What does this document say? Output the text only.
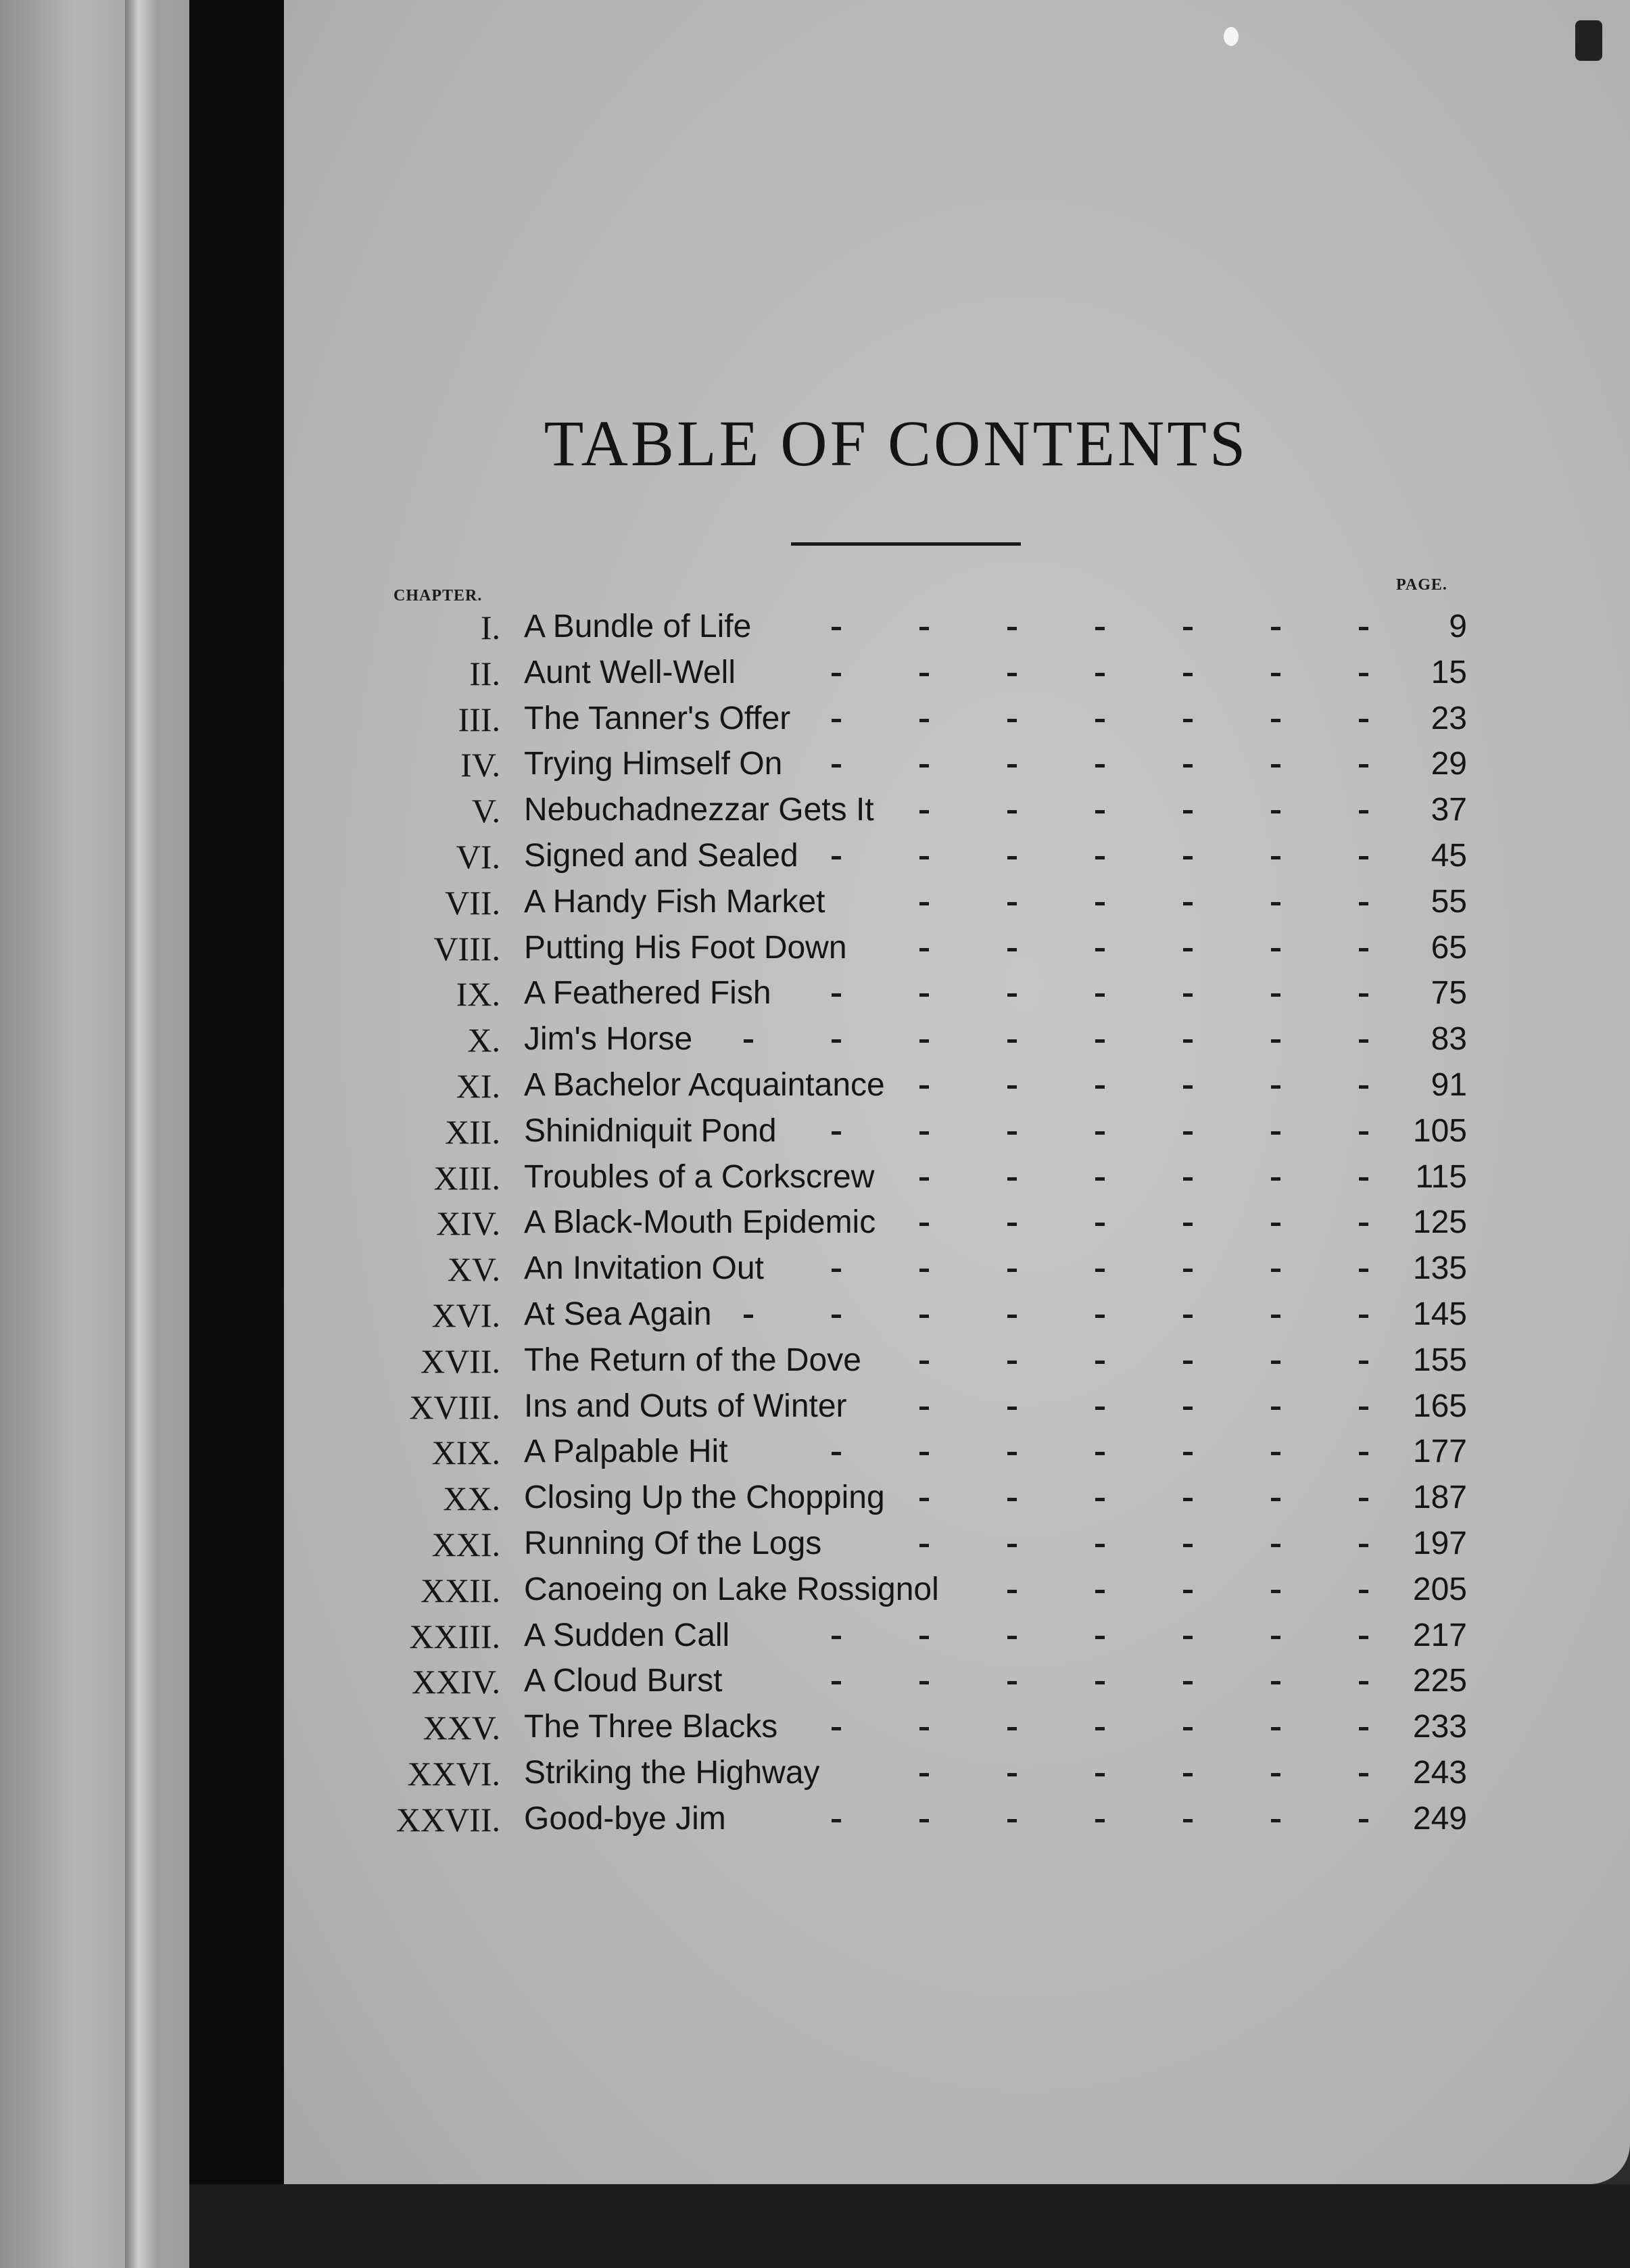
TABLE OF CONTENTS
CHAPTER.
PAGE.
I. A Bundle of Life	9
II. Aunt Well-Well	15
III. The Tanner's Offer	23
IV. Trying Himself On	29
V. Nebuchadnezzar Gets It	37
VI. Signed and Sealed	45
VII. A Handy Fish Market	55
VIII. Putting His Foot Down	65
IX. A Feathered Fish	75
X. Jim's Horse	83
XI. A Bachelor Acquaintance	91
XII. Shinidniquit Pond	105
XIII. Troubles of a Corkscrew	115
XIV. A Black-Mouth Epidemic	125
XV. An Invitation Out	135
XVI. At Sea Again	145
XVII. The Return of the Dove	155
XVIII. Ins and Outs of Winter	165
XIX. A Palpable Hit	177
XX. Closing Up the Chopping	187
XXI. Running Of the Logs	197
XXII. Canoeing on Lake Rossignol	205
XXIII. A Sudden Call	217
XXIV. A Cloud Burst	225
XXV. The Three Blacks	233
XXVI. Striking the Highway	243
XXVII. Good-bye Jim	249
